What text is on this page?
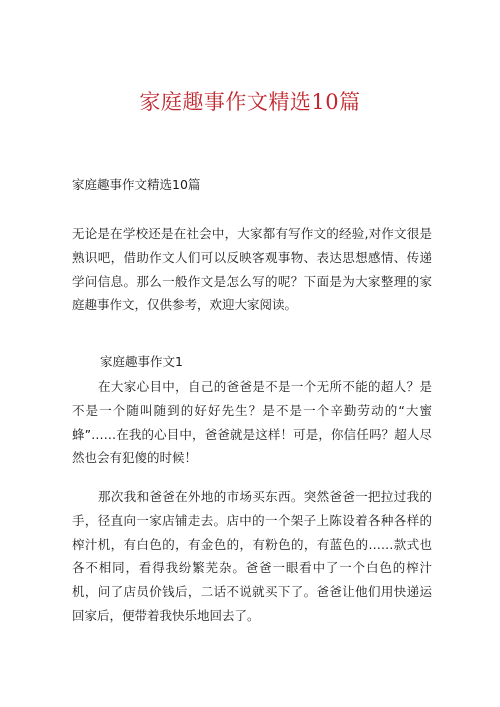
家庭趣事作文精选10篇
家庭趣事作文精选10篇

无论是在学校还是在社会中，大家都有写作文的经验,对作文很是熟识吧，借助作文人们可以反映客观事物、表达思想感情、传递学问信息。那么一般作文是怎么写的呢？下面是为大家整理的家庭趣事作文，仅供参考，欢迎大家阅读。

家庭趣事作文1

在大家心目中，自己的爸爸是不是一个无所不能的超人？是不是一个随叫随到的好好先生？是不是一个辛勤劳动的“大蜜蜂”……在我的心目中，爸爸就是这样！可是，你信任吗？超人尽然也会有犯傻的时候！

那次我和爸爸在外地的市场买东西。突然爸爸一把拉过我的手，径直向一家店铺走去。店中的一个架子上陈设着各种各样的榨汁机，有白色的，有金色的，有粉色的，有蓝色的……款式也各不相同，看得我纷繁芜杂。爸爸一眼看中了一个白色的榨汁机，问了店员价钱后，二话不说就买下了。爸爸让他们用快递运回家后，便带着我快乐地回去了。
